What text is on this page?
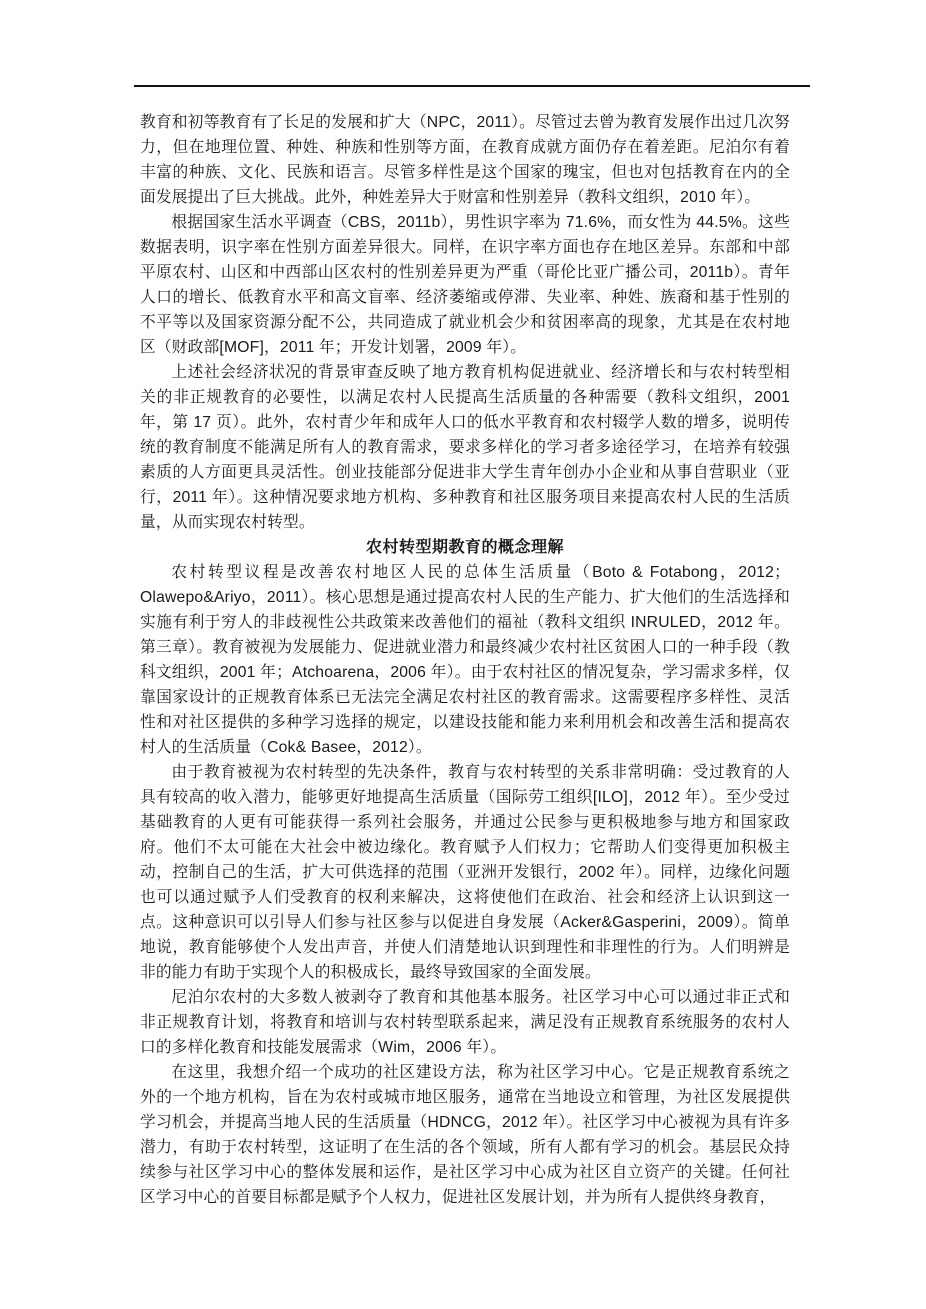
教育和初等教育有了长足的发展和扩大（NPC，2011）。尽管过去曾为教育发展作出过几次努力，但在地理位置、种姓、种族和性别等方面，在教育成就方面仍存在着差距。尼泊尔有着丰富的种族、文化、民族和语言。尽管多样性是这个国家的瑰宝，但也对包括教育在内的全面发展提出了巨大挑战。此外，种姓差异大于财富和性别差异（教科文组织，2010 年）。

根据国家生活水平调查（CBS，2011b），男性识字率为 71.6%，而女性为 44.5%。这些数据表明，识字率在性别方面差异很大。同样，在识字率方面也存在地区差异。东部和中部平原农村、山区和中西部山区农村的性别差异更为严重（哥伦比亚广播公司，2011b）。青年人口的增长、低教育水平和高文盲率、经济萎缩或停滞、失业率、种姓、族裔和基于性别的不平等以及国家资源分配不公，共同造成了就业机会少和贫困率高的现象，尤其是在农村地区（财政部[MOF]，2011 年；开发计划署，2009 年）。

上述社会经济状况的背景审查反映了地方教育机构促进就业、经济增长和与农村转型相关的非正规教育的必要性，以满足农村人民提高生活质量的各种需要（教科文组织，2001 年，第 17 页）。此外，农村青少年和成年人口的低水平教育和农村辍学人数的增多，说明传统的教育制度不能满足所有人的教育需求，要求多样化的学习者多途径学习，在培养有较强素质的人方面更具灵活性。创业技能部分促进非大学生青年创办小企业和从事自营职业（亚行，2011 年）。这种情况要求地方机构、多种教育和社区服务项目来提高农村人民的生活质量，从而实现农村转型。

农村转型期教育的概念理解

农村转型议程是改善农村地区人民的总体生活质量（Boto & Fotabong，2012；Olawepo&Ariyo，2011）。核心思想是通过提高农村人民的生产能力、扩大他们的生活选择和实施有利于穷人的非歧视性公共政策来改善他们的福祉（教科文组织 INRULED，2012 年。第三章）。教育被视为发展能力、促进就业潜力和最终减少农村社区贫困人口的一种手段（教科文组织，2001 年；Atchoarena，2006 年）。由于农村社区的情况复杂，学习需求多样，仅靠国家设计的正规教育体系已无法完全满足农村社区的教育需求。这需要程序多样性、灵活性和对社区提供的多种学习选择的规定，以建设技能和能力来利用机会和改善生活和提高农村人的生活质量（Cok& Basee，2012）。

由于教育被视为农村转型的先决条件，教育与农村转型的关系非常明确：受过教育的人具有较高的收入潜力，能够更好地提高生活质量（国际劳工组织[ILO]，2012 年）。至少受过基础教育的人更有可能获得一系列社会服务，并通过公民参与更积极地参与地方和国家政府。他们不太可能在大社会中被边缘化。教育赋予人们权力；它帮助人们变得更加积极主动，控制自己的生活，扩大可供选择的范围（亚洲开发银行，2002 年）。同样，边缘化问题也可以通过赋予人们受教育的权利来解决，这将使他们在政治、社会和经济上认识到这一点。这种意识可以引导人们参与社区参与以促进自身发展（Acker&Gasperini，2009）。简单地说，教育能够使个人发出声音，并使人们清楚地认识到理性和非理性的行为。人们明辨是非的能力有助于实现个人的积极成长，最终导致国家的全面发展。

尼泊尔农村的大多数人被剥夺了教育和其他基本服务。社区学习中心可以通过非正式和非正规教育计划，将教育和培训与农村转型联系起来，满足没有正规教育系统服务的农村人口的多样化教育和技能发展需求（Wim，2006 年）。

在这里，我想介绍一个成功的社区建设方法，称为社区学习中心。它是正规教育系统之外的一个地方机构，旨在为农村或城市地区服务，通常在当地设立和管理，为社区发展提供学习机会，并提高当地人民的生活质量（HDNCG，2012 年）。社区学习中心被视为具有许多潜力，有助于农村转型，这证明了在生活的各个领域，所有人都有学习的机会。基层民众持续参与社区学习中心的整体发展和运作，是社区学习中心成为社区自立资产的关键。任何社区学习中心的首要目标都是赋予个人权力，促进社区发展计划，并为所有人提供终身教育，
